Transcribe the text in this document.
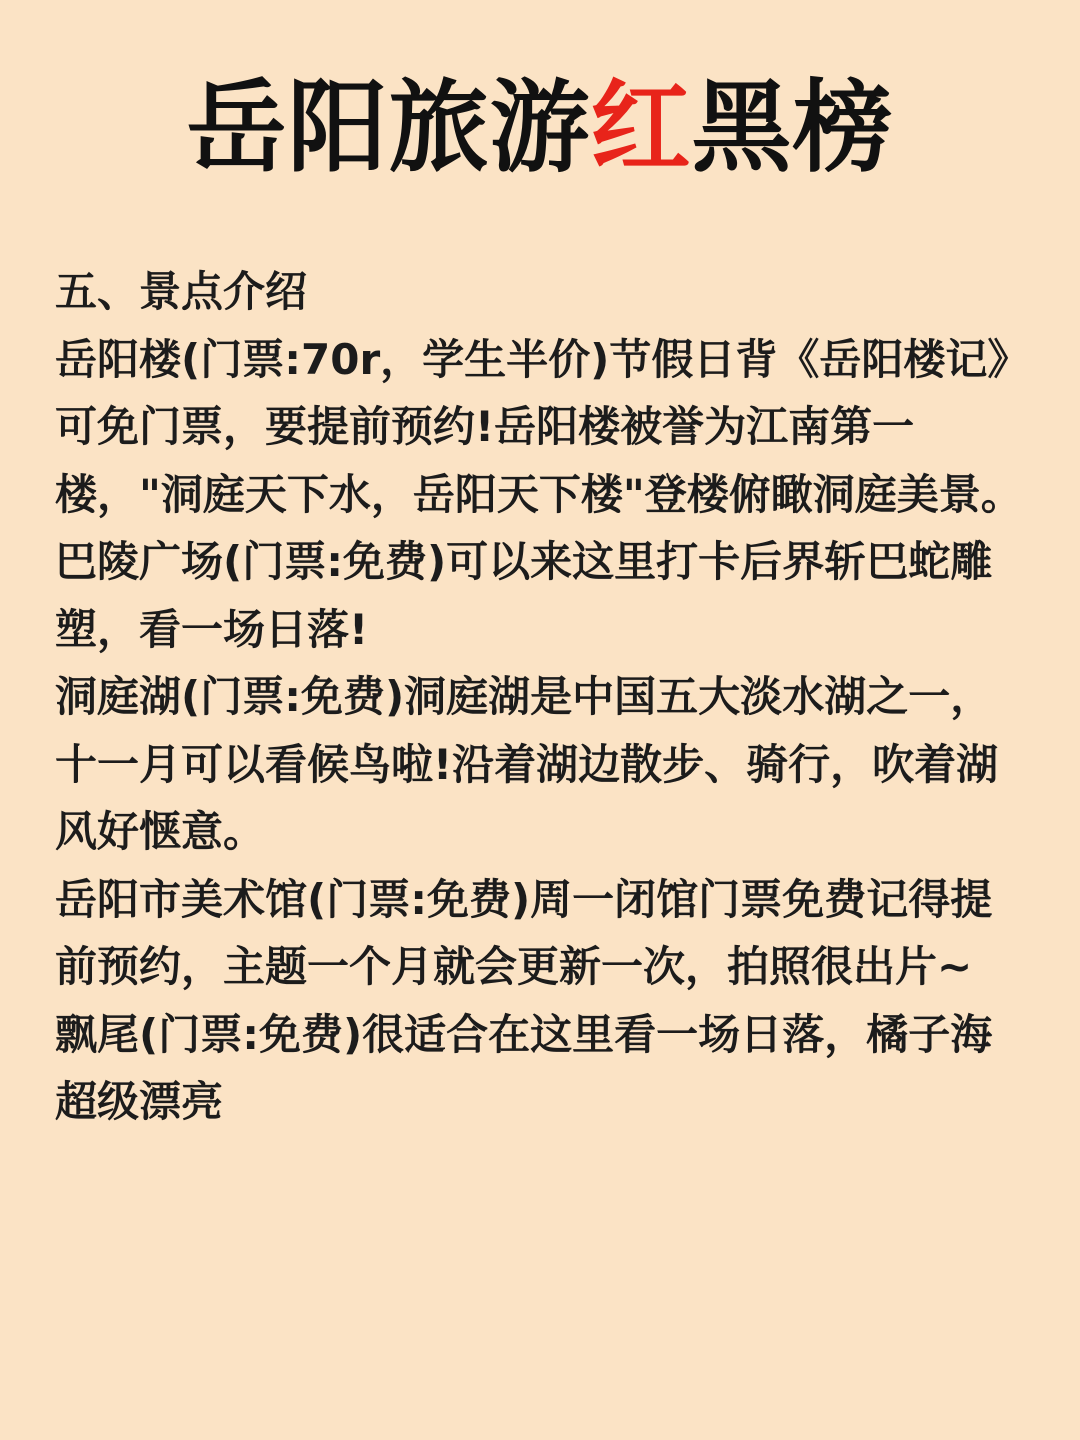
岳阳旅游红黑榜

五、景点介绍

岳阳楼(门票:70r，学生半价)节假日背《岳阳楼记》可免门票，要提前预约!岳阳楼被誉为江南第一楼，"洞庭天下水，岳阳天下楼"登楼俯瞰洞庭美景。

巴陵广场(门票:免费)可以来这里打卡后界斩巴蛇雕塑，看一场日落!

洞庭湖(门票:免费)洞庭湖是中国五大淡水湖之一，十一月可以看候鸟啦!沿着湖边散步、骑行，吹着湖风好惬意。

岳阳市美术馆(门票:免费)周一闭馆门票免费记得提前预约，主题一个月就会更新一次，拍照很出片~

飘尾(门票:免费)很适合在这里看一场日落，橘子海超级漂亮
